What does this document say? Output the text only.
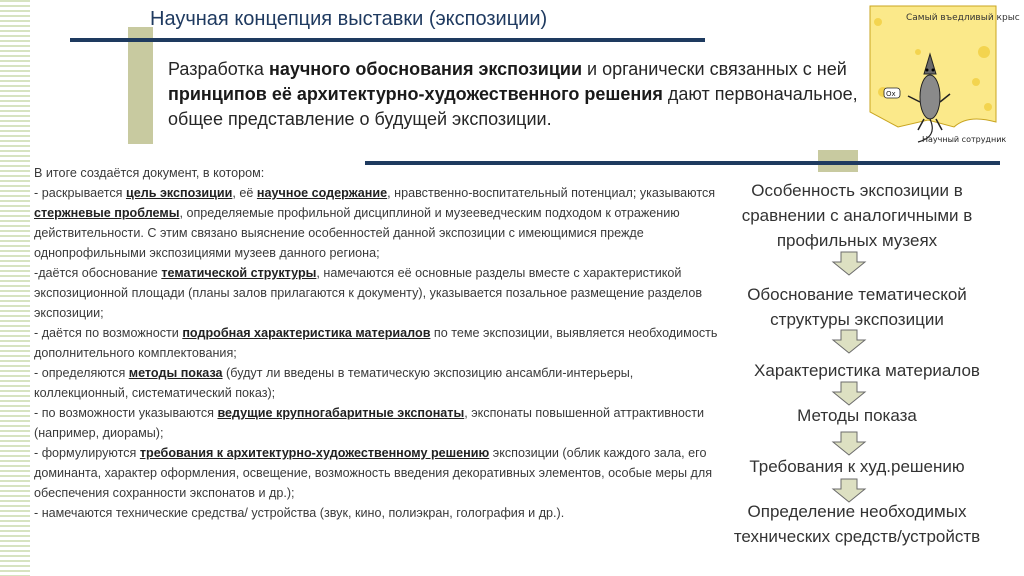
Научная концепция выставки (экспозиции)
Разработка научного обоснования экспозиции и органически связанных с ней принципов её архитектурно-художественного решения дают первоначальное, общее представление о будущей экспозиции.
Самый въедливый крыс
Ох
Научный сотрудник

В итоге создаётся документ, в котором:

- раскрывается цель экспозиции, её научное содержание, нравственно-воспитательный потенциал; указываются стержневые проблемы, определяемые профильной дисциплиной и музееведческим подходом к отражению действительности. С этим связано выяснение особенностей данной экспозиции с имеющимися прежде однопрофильными экспозициями музеев данного региона;

-даётся обоснование тематической структуры, намечаются её основные разделы вместе с характеристикой экспозиционной площади (планы залов прилагаются к документу), указывается позальное размещение разделов экспозиции;

- даётся по возможности подробная характеристика материалов по теме экспозиции, выявляется необходимость дополнительного комплектования;

- определяются методы показа (будут ли введены в тематическую экспозицию ансамбли-интерьеры, коллекционный, систематический показ);

- по возможности указываются ведущие крупногабаритные экспонаты, экспонаты повышенной аттрактивности (например, диорамы);

- формулируются требования к архитектурно-художественному решению экспозиции (облик каждого зала, его доминанта, характер оформления, освещение, возможность введения декоративных элементов, особые меры для обеспечения сохранности экспонатов и др.);

- намечаются технические средства/ устройства (звук, кино, полиэкран, голография и др.).

Особенность экспозиции в сравнении с аналогичными в профильных музеях
Обоснование тематической структуры экспозиции
Характеристика материалов
Методы показа
Требования к худ.решению
Определение необходимых технических средств/устройств
